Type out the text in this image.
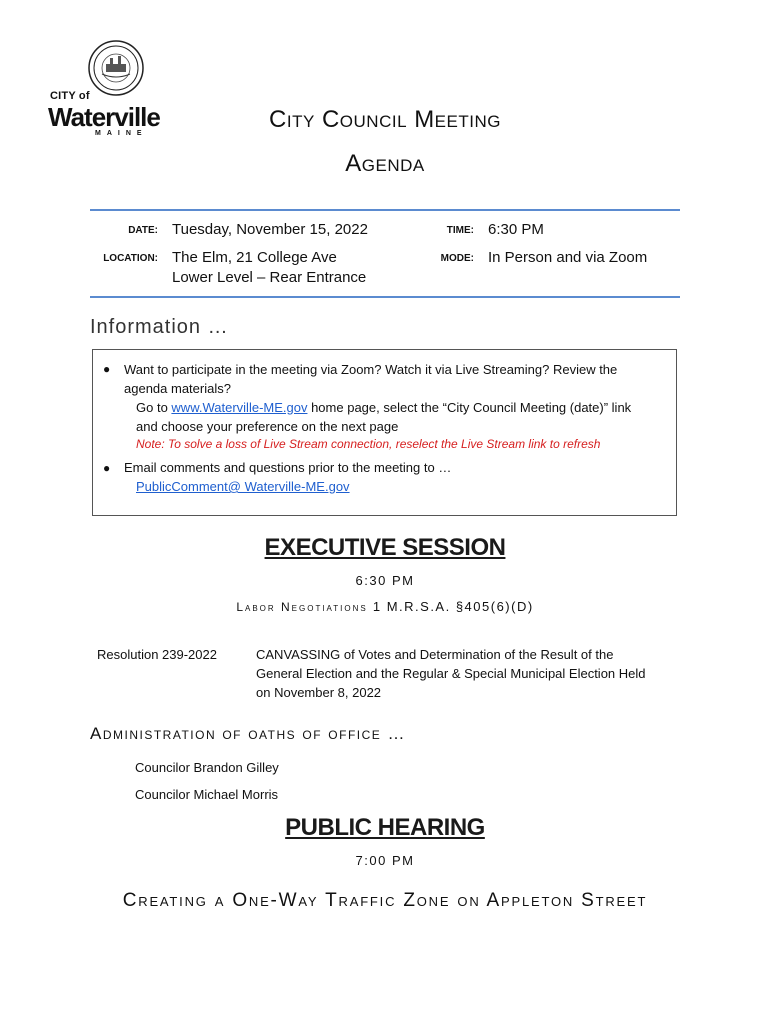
CITY of
Waterville
MAINE
City Council Meeting
Agenda
DATE: Tuesday, November 15, 2022	TIME: 6:30 PM
LOCATION: The Elm, 21 College Ave
Lower Level – Rear Entrance
MODE: In Person and via Zoom
Information …
● Want to participate in the meeting via Zoom? Watch it via Live Streaming? Review the
agenda materials?
Go to www.Waterville-ME.gov home page, select the “City Council Meeting (date)” link
and choose your preference on the next page
Note: To solve a loss of Live Stream connection, reselect the Live Stream link to refresh
● Email comments and questions prior to the meeting to …
PublicComment@ Waterville-ME.gov
EXECUTIVE SESSION
6:30 PM
Labor Negotiations 1 M.R.S.A. §405(6)(D)
Resolution 239-2022	CANVASSING of Votes and Determination of the Result of the
General Election and the Regular & Special Municipal Election Held
on November 8, 2022
Administration of oaths of office …
Councilor Brandon Gilley
Councilor Michael Morris
PUBLIC HEARING
7:00 PM
Creating a One-Way Traffic Zone on Appleton Street
